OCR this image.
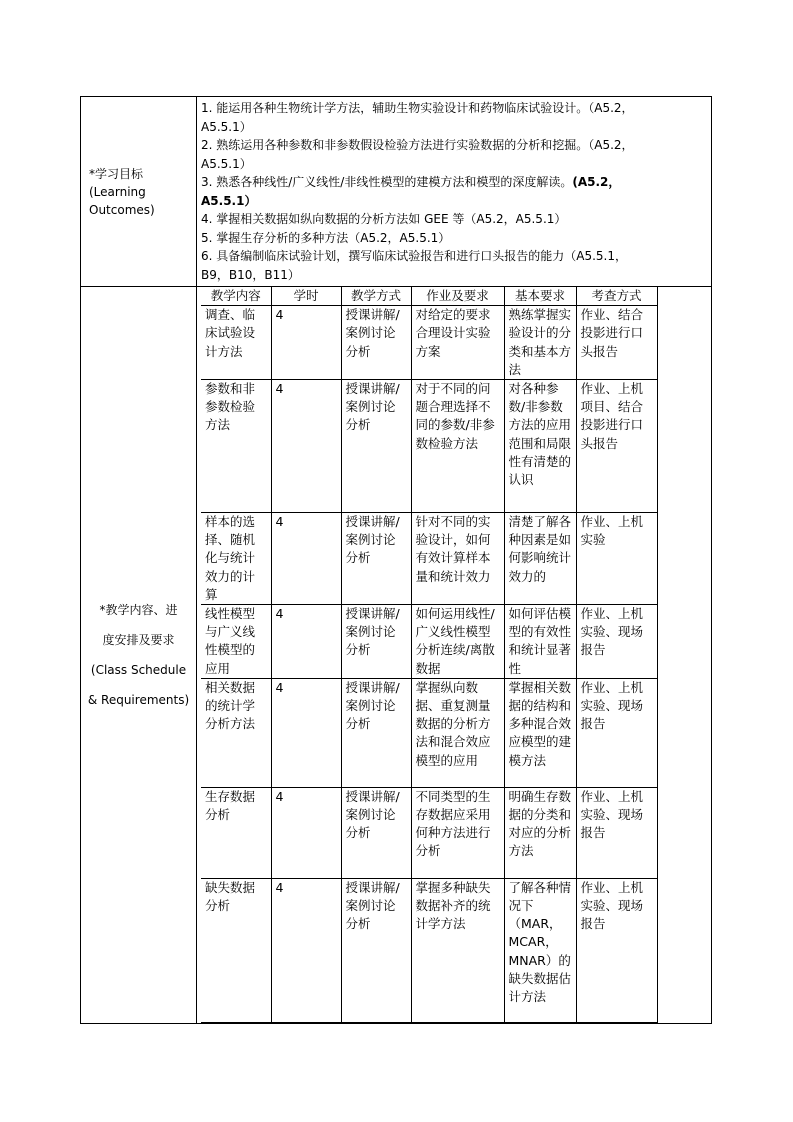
*学习目标
(Learning
Outcomes)

1. 能运用各种生物统计学方法，辅助生物实验设计和药物临床试验设计。（A5.2，
A5.5.1）
2. 熟练运用各种参数和非参数假设检验方法进行实验数据的分析和挖掘。（A5.2，
A5.5.1）
3. 熟悉各种线性/广义线性/非线性模型的建模方法和模型的深度解读。(A5.2，
A5.5.1）
4. 掌握相关数据如纵向数据的分析方法如 GEE 等（A5.2，A5.5.1）
5. 掌握生存分析的多种方法（A5.2，A5.5.1）
6. 具备编制临床试验计划，撰写临床试验报告和进行口头报告的能力（A5.5.1，
B9，B10，B11）

*教学内容、进
度安排及要求
(Class Schedule
& Requirements)

教学内容	学时	教学方式	作业及要求	基本要求	考查方式
调查、临床试验设计方法	4	授课讲解/案例讨论分析	对给定的要求合理设计实验方案	熟练掌握实验设计的分类和基本方法	作业、结合投影进行口头报告
参数和非参数检验方法	4	授课讲解/案例讨论分析	对于不同的问题合理选择不同的参数/非参数检验方法	对各种参数/非参数方法的应用范围和局限性有清楚的认识	作业、上机项目、结合投影进行口头报告
样本的选择、随机化与统计效力的计算	4	授课讲解/案例讨论分析	针对不同的实验设计，如何有效计算样本量和统计效力	清楚了解各种因素是如何影响统计效力的	作业、上机实验
线性模型与广义线性模型的应用	4	授课讲解/案例讨论分析	如何运用线性/广义线性模型分析连续/离散数据	如何评估模型的有效性和统计显著性	作业、上机实验、现场报告
相关数据的统计学分析方法	4	授课讲解/案例讨论分析	掌握纵向数据、重复测量数据的分析方法和混合效应模型的应用	掌握相关数据的结构和多种混合效应模型的建模方法	作业、上机实验、现场报告
生存数据分析	4	授课讲解/案例讨论分析	不同类型的生存数据应采用何种方法进行分析	明确生存数据的分类和对应的分析方法	作业、上机实验、现场报告
缺失数据分析	4	授课讲解/案例讨论分析	掌握多种缺失数据补齐的统计学方法	了解各种情况下（MAR，MCAR，MNAR）的缺失数据估计方法	作业、上机实验、现场报告
